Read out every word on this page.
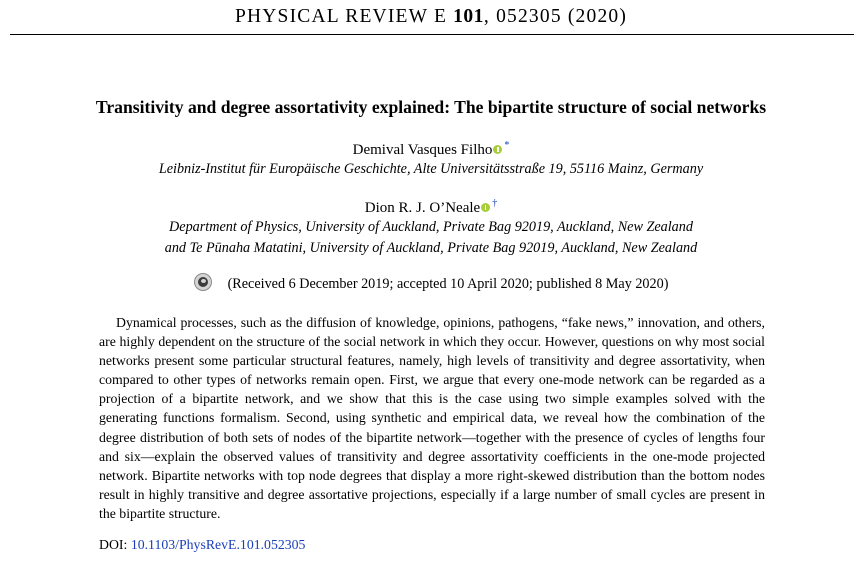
PHYSICAL REVIEW E 101, 052305 (2020)
Transitivity and degree assortativity explained: The bipartite structure of social networks
Demival Vasques Filho *
Leibniz-Institut für Europäische Geschichte, Alte Universitätsstraße 19, 55116 Mainz, Germany
Dion R. J. O’Neale †
Department of Physics, University of Auckland, Private Bag 92019, Auckland, New Zealand
and Te Pūnaha Matatini, University of Auckland, Private Bag 92019, Auckland, New Zealand
(Received 6 December 2019; accepted 10 April 2020; published 8 May 2020)
Dynamical processes, such as the diffusion of knowledge, opinions, pathogens, “fake news,” innovation, and others, are highly dependent on the structure of the social network in which they occur. However, questions on why most social networks present some particular structural features, namely, high levels of transitivity and degree assortativity, when compared to other types of networks remain open. First, we argue that every one-mode network can be regarded as a projection of a bipartite network, and we show that this is the case using two simple examples solved with the generating functions formalism. Second, using synthetic and empirical data, we reveal how the combination of the degree distribution of both sets of nodes of the bipartite network—together with the presence of cycles of lengths four and six—explain the observed values of transitivity and degree assortativity coefficients in the one-mode projected network. Bipartite networks with top node degrees that display a more right-skewed distribution than the bottom nodes result in highly transitive and degree assortative projections, especially if a large number of small cycles are present in the bipartite structure.
DOI: 10.1103/PhysRevE.101.052305
